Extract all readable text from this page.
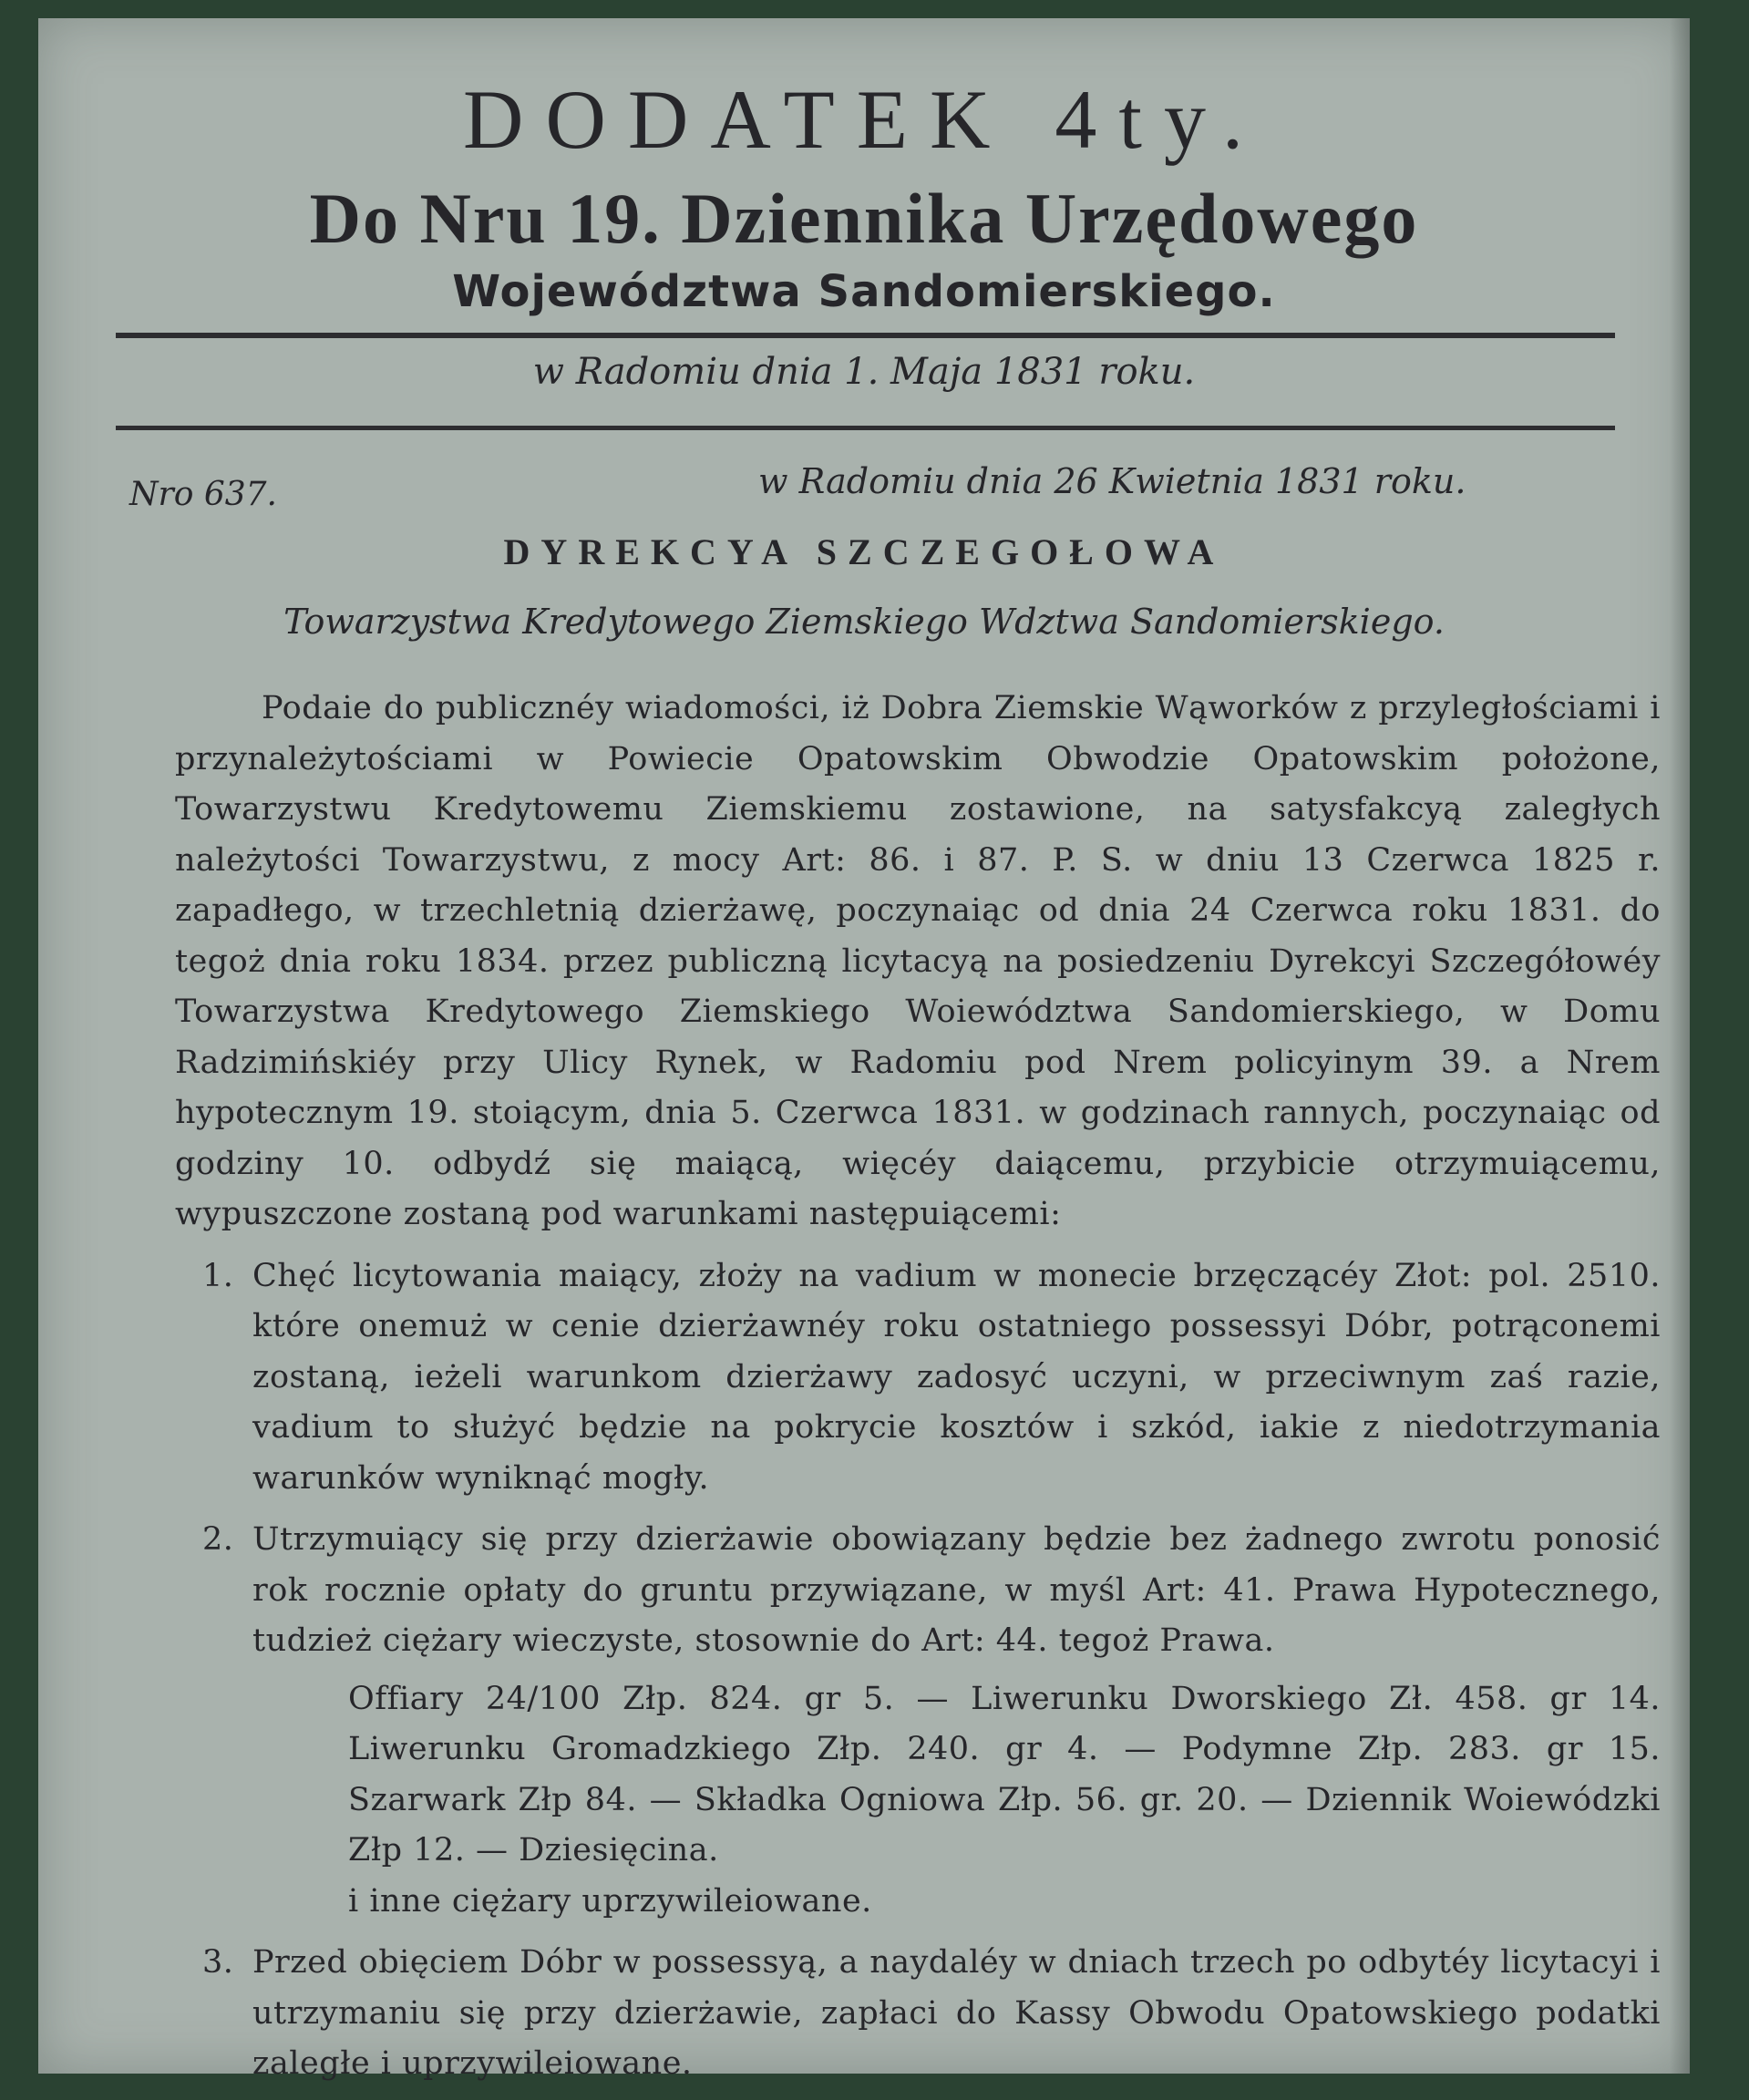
DODATEK 4ty.
Do Nru 19. Dziennika Urzędowego
Województwa Sandomierskiego.
w Radomiu dnia 1. Maja 1831 roku.
Nro 637.	w Radomiu dnia 26 Kwietnia 1831 roku.
DYREKCYA SZCZEGOŁOWA
Towarzystwa Kredytowego Ziemskiego Wdztwa Sandomierskiego.

Podaie do publicznéy wiadomości, iż Dobra Ziemskie Wąworków z przyległościami i przynależytościami w Powiecie Opatowskim Obwodzie Opatowskim położone, Towarzystwu Kredytowemu Ziemskiemu zostawione, na satysfakcyą zaległych należytości Towarzystwu, z mocy Art: 86. i 87. P. S. w dniu 13 Czerwca 1825 r. zapadłego, w trzechletnią dzierżawę, poczynaiąc od dnia 24 Czerwca roku 1831. do tegoż dnia roku 1834. przez publiczną licytacyą na posiedzeniu Dyrekcyi Szczegółowéy Towarzystwa Kredytowego Ziemskiego Woiewództwa Sandomierskiego, w Domu Radzimińskiéy przy Ulicy Rynek, w Radomiu pod Nrem policyinym 39. a Nrem hypotecznym 19. stoiącym, dnia 5. Czerwca 1831. w godzinach rannych, poczynaiąc od godziny 10. odbydź się maiącą, więcéy daiącemu, przybicie otrzymuiącemu, wypuszczone zostaną pod warunkami następuiącemi:

1. Chęć licytowania maiący, złoży na vadium w monecie brzęczącéy Złot: pol. 2510. które onemuż w cenie dzierżawnéy roku ostatniego possessyi Dóbr, potrąconemi zostaną, ieżeli warunkom dzierżawy zadosyć uczyni, w przeciwnym zaś razie, vadium to służyć będzie na pokrycie kosztów i szkód, iakie z niedotrzymania warunków wyniknąć mogły.

2. Utrzymuiący się przy dzierżawie obowiązany będzie bez żadnego zwrotu ponosić rok rocznie opłaty do gruntu przywiązane, w myśl Art: 41. Prawa Hypotecznego, tudzież ciężary wieczyste, stosownie do Art: 44. tegoż Prawa.

Offiary 24/100 Złp. 824. gr 5. — Liwerunku Dworskiego Zł. 458. gr 14. Liwerunku Gromadzkiego Złp. 240. gr 4. — Podymne Złp. 283. gr 15. Szarwark Złp 84. — Składka Ogniowa Złp. 56. gr. 20. — Dziennik Woiewódzki Złp 12. — Dziesięcina.

i inne ciężary uprzywileiowane.

3. Przed obięciem Dóbr w possessyą, a naydaléy w dniach trzech po odbytéy licytacyi i utrzymaniu się przy dzierżawie, zapłaci do Kassy Obwodu Opatowskiego podatki zaległe i uprzywileiowane.
